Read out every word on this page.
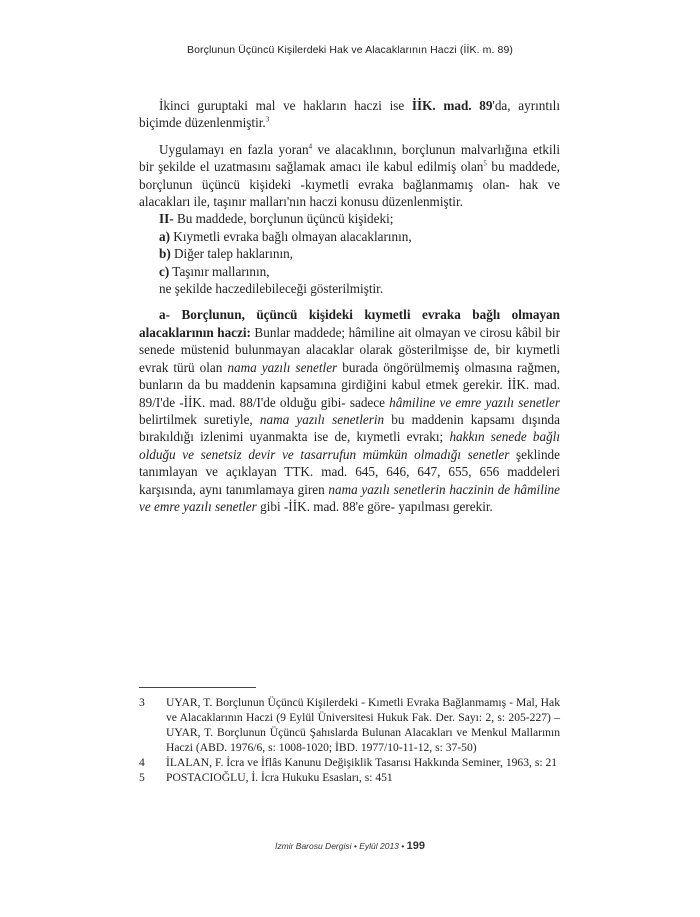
Borçlunun Üçüncü Kişilerdeki Hak ve Alacaklarının Haczi (İİK. m. 89)

İkinci guruptaki mal ve hakların haczi ise İİK. mad. 89'da, ayrıntılı biçimde düzenlenmiştir.$^3$

Uygulamayı en fazla yoran$^4$ ve alacaklının, borçlunun malvarlığına etkili bir şekilde el uzatmasını sağlamak amacı ile kabul edilmiş olan$^5$ bu maddede, borçlunun üçüncü kişideki -kıymetli evraka bağlanmamış olan- hak ve alacakları ile, taşınır malları'nın haczi konusu düzenlenmiştir.

II- Bu maddede, borçlunun üçüncü kişideki;

a) Kıymetli evraka bağlı olmayan alacaklarının,

b) Diğer talep haklarının,

c) Taşınır mallarının,

ne şekilde haczedilebileceği gösterilmiştir.

a- Borçlunun, üçüncü kişideki kıymetli evraka bağlı olmayan alacaklarının haczi: Bunlar maddede; hâmiline ait olmayan ve cirosu kâbil bir senede müstenid bulunmayan alacaklar olarak gösterilmişse de, bir kıymetli evrak türü olan nama yazılı senetler burada öngörülmemiş olmasına rağmen, bunların da bu maddenin kapsamına girdiğini kabul etmek gerekir. İİK. mad. 89/I'de -İİK. mad. 88/I'de olduğu gibi- sadece hâmiline ve emre yazılı senetler belirtilmek suretiyle, nama yazılı senetlerin bu maddenin kapsamı dışında bırakıldığı izlenimi uyanmakta ise de, kıymetli evrakı; hakkın senede bağlı olduğu ve senetsiz devir ve tasarrufun mümkün olmadığı senetler şeklinde tanımlayan ve açıklayan TTK. mad. 645, 646, 647, 655, 656 maddeleri karşısında, aynı tanımlamaya giren nama yazılı senetlerin haczinin de hâmiline ve emre yazılı senetler gibi -İİK. mad. 88'e göre- yapılması gerekir.

3	UYAR, T. Borçlunun Üçüncü Kişilerdeki - Kımetli Evraka Bağlanmamış - Mal, Hak ve Alacaklarının Haczi (9 Eylül Üniversitesi Hukuk Fak. Der. Sayı: 2, s: 205-227) – UYAR, T. Borçlunun Üçüncü Şahıslarda Bulunan Alacakları ve Menkul Mallarının Haczi (ABD. 1976/6, s: 1008-1020; İBD. 1977/10-11-12, s: 37-50)
4	İLALAN, F. İcra ve İflâs Kanunu Değişiklik Tasarısı Hakkında Seminer, 1963, s: 21
5	POSTACIOĞLU, İ. İcra Hukuku Esasları, s: 451
İzmir Barosu Dergisi • Eylül 2013 • 199
